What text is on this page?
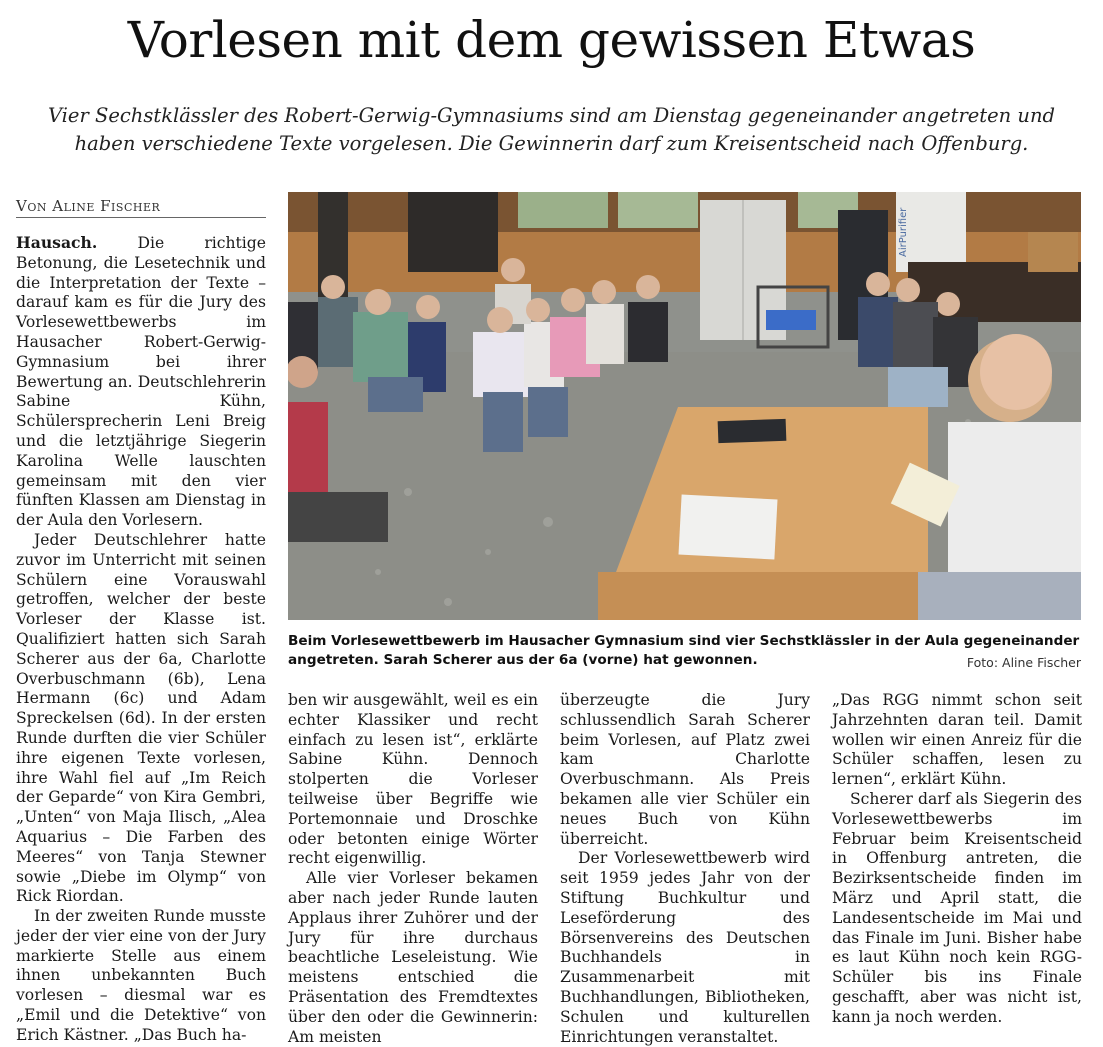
Vorlesen mit dem gewissen Etwas
Vier Sechstklässler des Robert-Gerwig-Gymnasiums sind am Dienstag gegeneinander angetreten und haben verschiedene Texte vorgelesen. Die Gewinnerin darf zum Kreisentscheid nach Offenburg.
Von Aline Fischer

Hausach.	Die richtige Betonung, die Lesetechnik und die Interpretation der Texte – darauf kam es für die Jury des Vorlesewettbewerbs im Hausacher Robert-Gerwig-Gymnasium bei ihrer Bewertung an. Deutschlehrerin Sabine Kühn, Schülersprecherin Leni Breig und die letztjährige Siegerin Karolina Welle lauschten gemeinsam mit den vier fünften Klassen am Dienstag in der Aula den Vorlesern.

Jeder Deutschlehrer hatte zuvor im Unterricht mit seinen Schülern eine Vorauswahl getroffen, welcher der beste Vorleser der Klasse ist. Qualifiziert hatten sich Sarah Scherer aus der 6a, Charlotte Overbuschmann (6b), Lena Hermann (6c) und Adam Spreckelsen (6d). In der ersten Runde durften die vier Schüler ihre eigenen Texte vorlesen, ihre Wahl fiel auf „Im Reich der Geparde“ von Kira Gembri, „Unten“ von Maja Ilisch, „Alea Aquarius – Die Farben des Meeres“ von Tanja Stewner sowie „Diebe im Olymp“ von Rick Riordan.

In der zweiten Runde musste jeder der vier eine von der Jury markierte Stelle aus einem ihnen unbekannten Buch vorlesen – diesmal war es „Emil und die Detektive“ von Erich Kästner. „Das Buch ha-

AirPurifier
Beim Vorlesewettbewerb im Hausacher Gymnasium sind vier Sechstklässler in der Aula gegeneinander angetreten. Sarah Scherer aus der 6a (vorne) hat gewonnen.	Foto: Aline Fischer

ben wir ausgewählt, weil es ein echter Klassiker und recht einfach zu lesen ist“, erklärte Sabine Kühn. Dennoch stolperten die Vorleser teilweise über Begriffe wie Portemonnaie und Droschke oder betonten einige Wörter recht eigenwillig.

Alle vier Vorleser bekamen aber nach jeder Runde lauten Applaus ihrer Zuhörer und der Jury für ihre durchaus beachtliche Leseleistung. Wie meistens entschied die Präsentation des Fremdtextes über den oder die Gewinnerin: Am meisten

überzeugte die Jury schlussendlich Sarah Scherer beim Vorlesen, auf Platz zwei kam Charlotte Overbuschmann. Als Preis bekamen alle vier Schüler ein neues Buch von Kühn überreicht.

Der Vorlesewettbewerb wird seit 1959 jedes Jahr von der Stiftung Buchkultur und Leseförderung des Börsenvereins des Deutschen Buchhandels in Zusammenarbeit mit Buchhandlungen, Bibliotheken, Schulen und kulturellen Einrichtungen veranstaltet.

„Das RGG nimmt schon seit Jahrzehnten daran teil. Damit wollen wir einen Anreiz für die Schüler schaffen, lesen zu lernen“, erklärt Kühn.

Scherer darf als Siegerin des Vorlesewettbewerbs im Februar beim Kreisentscheid in Offenburg antreten, die Bezirksentscheide finden im März und April statt, die Landesentscheide im Mai und das Finale im Juni. Bisher habe es laut Kühn noch kein RGG-Schüler bis ins Finale geschafft, aber was nicht ist, kann ja noch werden.
